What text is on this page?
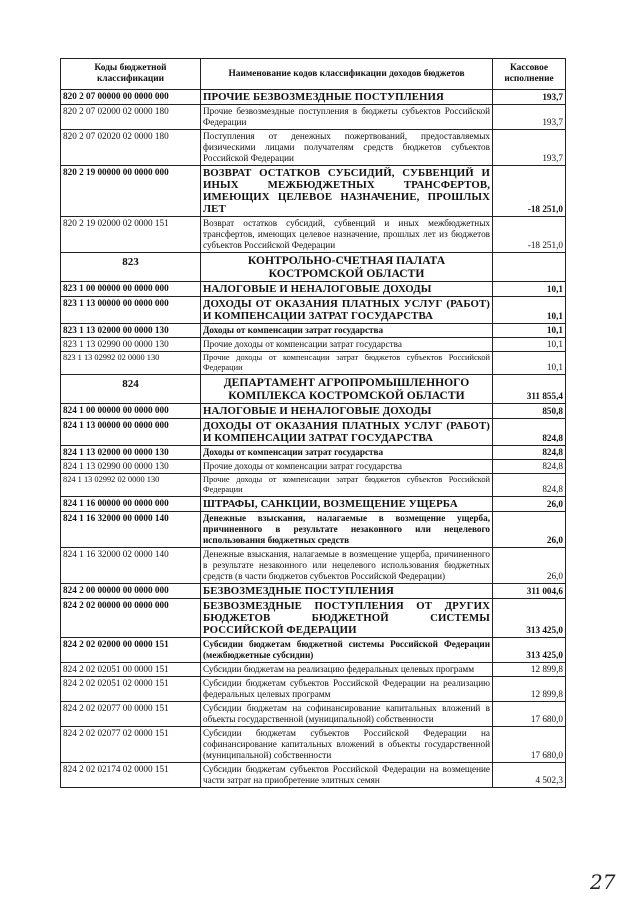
Коды бюджетной классификации	Наименование кодов классификации доходов бюджетов	Кассовое исполнение
820 2 07 00000 00 0000 000	ПРОЧИЕ БЕЗВОЗМЕЗДНЫЕ ПОСТУПЛЕНИЯ	193,7
820 2 07 02000 02 0000 180	Прочие безвозмездные поступления в бюджеты субъектов Российской Федерации	193,7
820 2 07 02020 02 0000 180	Поступления от денежных пожертвований, предоставляемых физическими лицами получателям средств бюджетов субъектов Российской Федерации	193,7
820 2 19 00000 00 0000 000	ВОЗВРАТ ОСТАТКОВ СУБСИДИЙ, СУБВЕНЦИЙ И ИНЫХ МЕЖБЮДЖЕТНЫХ ТРАНСФЕРТОВ, ИМЕЮЩИХ ЦЕЛЕВОЕ НАЗНАЧЕНИЕ, ПРОШЛЫХ ЛЕТ	-18 251,0
820 2 19 02000 02 0000 151	Возврат остатков субсидий, субвенций и иных межбюджетных трансфертов, имеющих целевое назначение, прошлых лет из бюджетов субъектов Российской Федерации	-18 251,0
823	КОНТРОЛЬНО-СЧЕТНАЯ ПАЛАТА КОСТРОМСКОЙ ОБЛАСТИ	
823 1 00 00000 00 0000 000	НАЛОГОВЫЕ И НЕНАЛОГОВЫЕ ДОХОДЫ	10,1
823 1 13 00000 00 0000 000	ДОХОДЫ ОТ ОКАЗАНИЯ ПЛАТНЫХ УСЛУГ (РАБОТ) И КОМПЕНСАЦИИ ЗАТРАТ ГОСУДАРСТВА	10,1
823 1 13 02000 00 0000 130	Доходы от компенсации затрат государства	10,1
823 1 13 02990 00 0000 130	Прочие доходы от компенсации затрат государства	10,1
823 1 13 02992 02 0000 130	Прочие доходы от компенсации затрат бюджетов субъектов Российской Федерации	10,1
824	ДЕПАРТАМЕНТ АГРОПРОМЫШЛЕННОГО КОМПЛЕКСА КОСТРОМСКОЙ ОБЛАСТИ	311 855,4
824 1 00 00000 00 0000 000	НАЛОГОВЫЕ И НЕНАЛОГОВЫЕ ДОХОДЫ	850,8
824 1 13 00000 00 0000 000	ДОХОДЫ ОТ ОКАЗАНИЯ ПЛАТНЫХ УСЛУГ (РАБОТ) И КОМПЕНСАЦИИ ЗАТРАТ ГОСУДАРСТВА	824,8
824 1 13 02000 00 0000 130	Доходы от компенсации затрат государства	824,8
824 1 13 02990 00 0000 130	Прочие доходы от компенсации затрат государства	824,8
824 1 13 02992 02 0000 130	Прочие доходы от компенсации затрат бюджетов субъектов Российской Федерации	824,8
824 1 16 00000 00 0000 000	ШТРАФЫ, САНКЦИИ, ВОЗМЕЩЕНИЕ УЩЕРБА	26,0
824 1 16 32000 00 0000 140	Денежные взыскания, налагаемые в возмещение ущерба, причиненного в результате незаконного или нецелевого использования бюджетных средств	26,0
824 1 16 32000 02 0000 140	Денежные взыскания, налагаемые в возмещение ущерба, причиненного в результате незаконного или нецелевого использования бюджетных средств (в части бюджетов субъектов Российской Федерации)	26,0
824 2 00 00000 00 0000 000	БЕЗВОЗМЕЗДНЫЕ ПОСТУПЛЕНИЯ	311 004,6
824 2 02 00000 00 0000 000	БЕЗВОЗМЕЗДНЫЕ ПОСТУПЛЕНИЯ ОТ ДРУГИХ БЮДЖЕТОВ БЮДЖЕТНОЙ СИСТЕМЫ РОССИЙСКОЙ ФЕДЕРАЦИИ	313 425,0
824 2 02 02000 00 0000 151	Субсидии бюджетам бюджетной системы Российской Федерации (межбюджетные субсидии)	313 425,0
824 2 02 02051 00 0000 151	Субсидии бюджетам на реализацию федеральных целевых программ	12 899,8
824 2 02 02051 02 0000 151	Субсидии бюджетам субъектов Российской Федерации на реализацию федеральных целевых программ	12 899,8
824 2 02 02077 00 0000 151	Субсидии бюджетам на софинансирование капитальных вложений в объекты государственной (муниципальной) собственности	17 680,0
824 2 02 02077 02 0000 151	Субсидии бюджетам субъектов Российской Федерации на софинансирование капитальных вложений в объекты государственной (муниципальной) собственности	17 680,0
824 2 02 02174 02 0000 151	Субсидии бюджетам субъектов Российской Федерации на возмещение части затрат на приобретение элитных семян	4 502,3
27
